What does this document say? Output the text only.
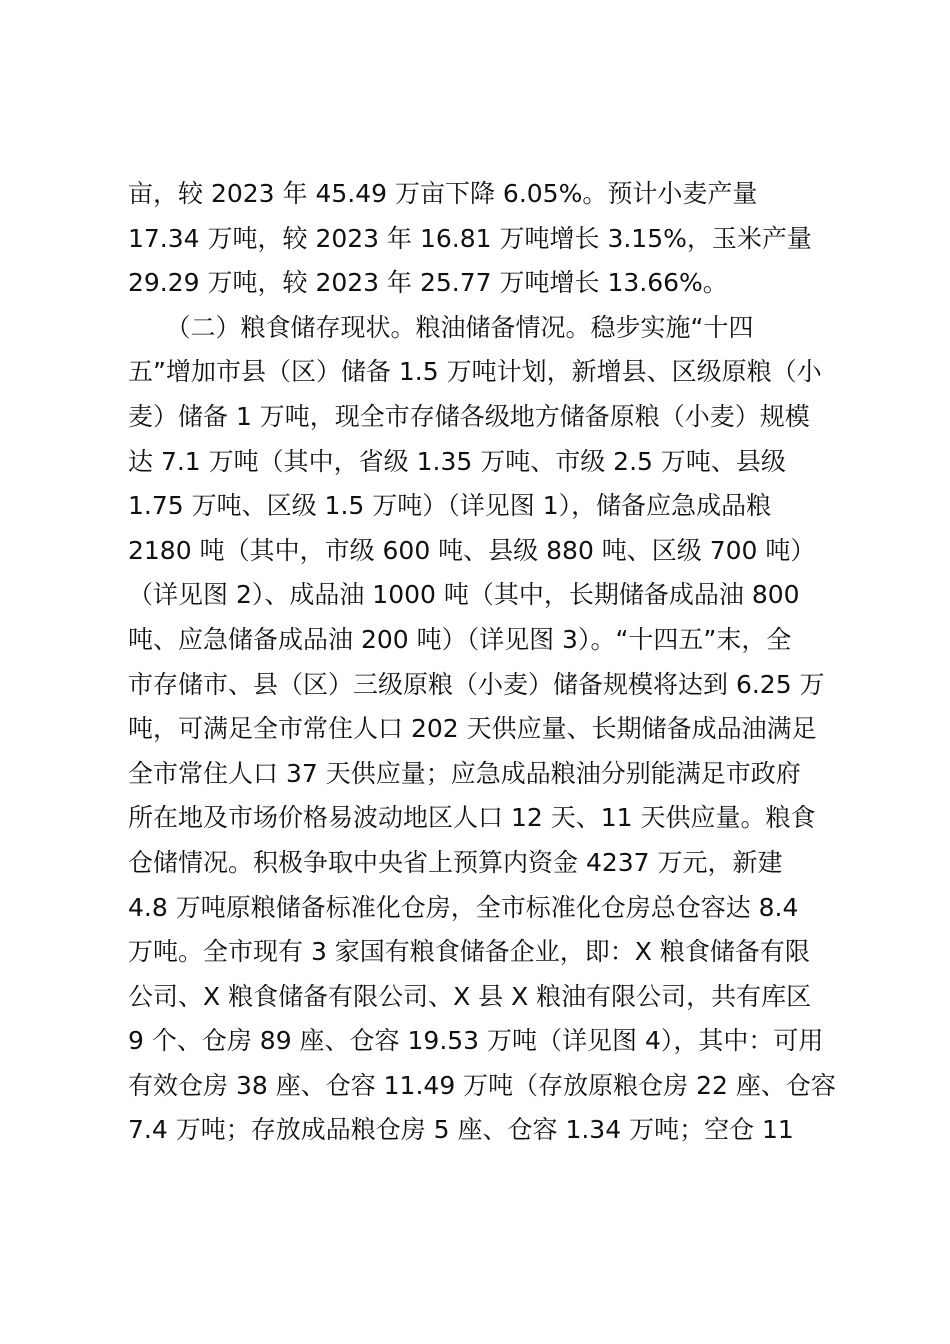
亩，较 2023 年 45.49 万亩下降 6.05%。预计小麦产量
17.34 万吨，较 2023 年 16.81 万吨增长 3.15%，玉米产量
29.29 万吨，较 2023 年 25.77 万吨增长 13.66%。
　　（二）粮食储存现状。粮油储备情况。稳步实施“十四
五”增加市县（区）储备 1.5 万吨计划，新增县、区级原粮（小
麦）储备 1 万吨，现全市存储各级地方储备原粮（小麦）规模
达 7.1 万吨（其中，省级 1.35 万吨、市级 2.5 万吨、县级
1.75 万吨、区级 1.5 万吨）（详见图 1），储备应急成品粮
2180 吨（其中，市级 600 吨、县级 880 吨、区级 700 吨）
（详见图 2）、成品油 1000 吨（其中，长期储备成品油 800
吨、应急储备成品油 200 吨）（详见图 3）。“十四五”末，全
市存储市、县（区）三级原粮（小麦）储备规模将达到 6.25 万
吨，可满足全市常住人口 202 天供应量、长期储备成品油满足
全市常住人口 37 天供应量；应急成品粮油分别能满足市政府
所在地及市场价格易波动地区人口 12 天、11 天供应量。粮食
仓储情况。积极争取中央省上预算内资金 4237 万元，新建
4.8 万吨原粮储备标准化仓房，全市标准化仓房总仓容达 8.4
万吨。全市现有 3 家国有粮食储备企业，即：X 粮食储备有限
公司、X 粮食储备有限公司、X 县 X 粮油有限公司，共有库区
9 个、仓房 89 座、仓容 19.53 万吨（详见图 4），其中：可用
有效仓房 38 座、仓容 11.49 万吨（存放原粮仓房 22 座、仓容
7.4 万吨；存放成品粮仓房 5 座、仓容 1.34 万吨；空仓 11
